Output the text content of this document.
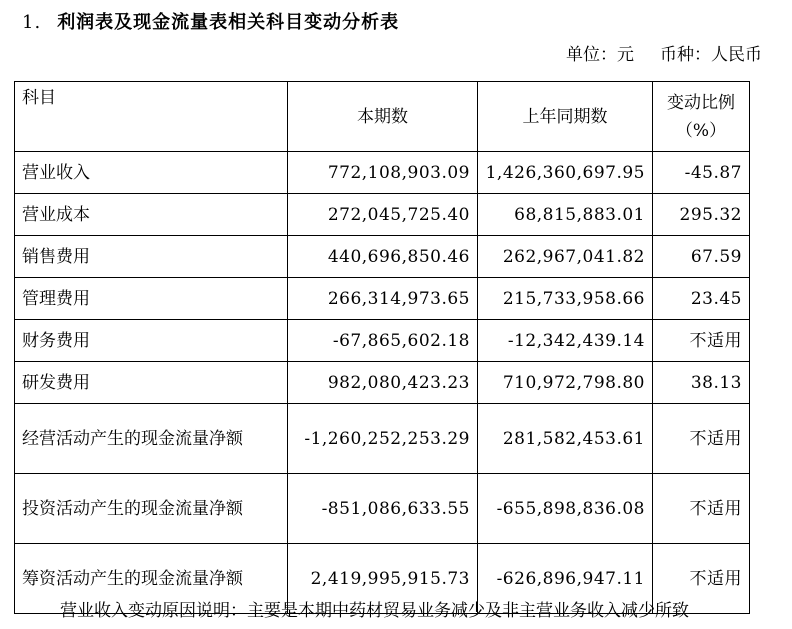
1. 利润表及现金流量表相关科目变动分析表
单位：元 币种：人民币
科目	本期数	上年同期数	变动比例（%）
营业收入	772,108,903.09	1,426,360,697.95	-45.87
营业成本	272,045,725.40	68,815,883.01	295.32
销售费用	440,696,850.46	262,967,041.82	67.59
管理费用	266,314,973.65	215,733,958.66	23.45
财务费用	-67,865,602.18	-12,342,439.14	不适用
研发费用	982,080,423.23	710,972,798.80	38.13
经营活动产生的现金流量净额	-1,260,252,253.29	281,582,453.61	不适用
投资活动产生的现金流量净额	-851,086,633.55	-655,898,836.08	不适用
筹资活动产生的现金流量净额	2,419,995,915.73	-626,896,947.11	不适用
营业收入变动原因说明：主要是本期中药材贸易业务减少及非主营业务收入减少所致
